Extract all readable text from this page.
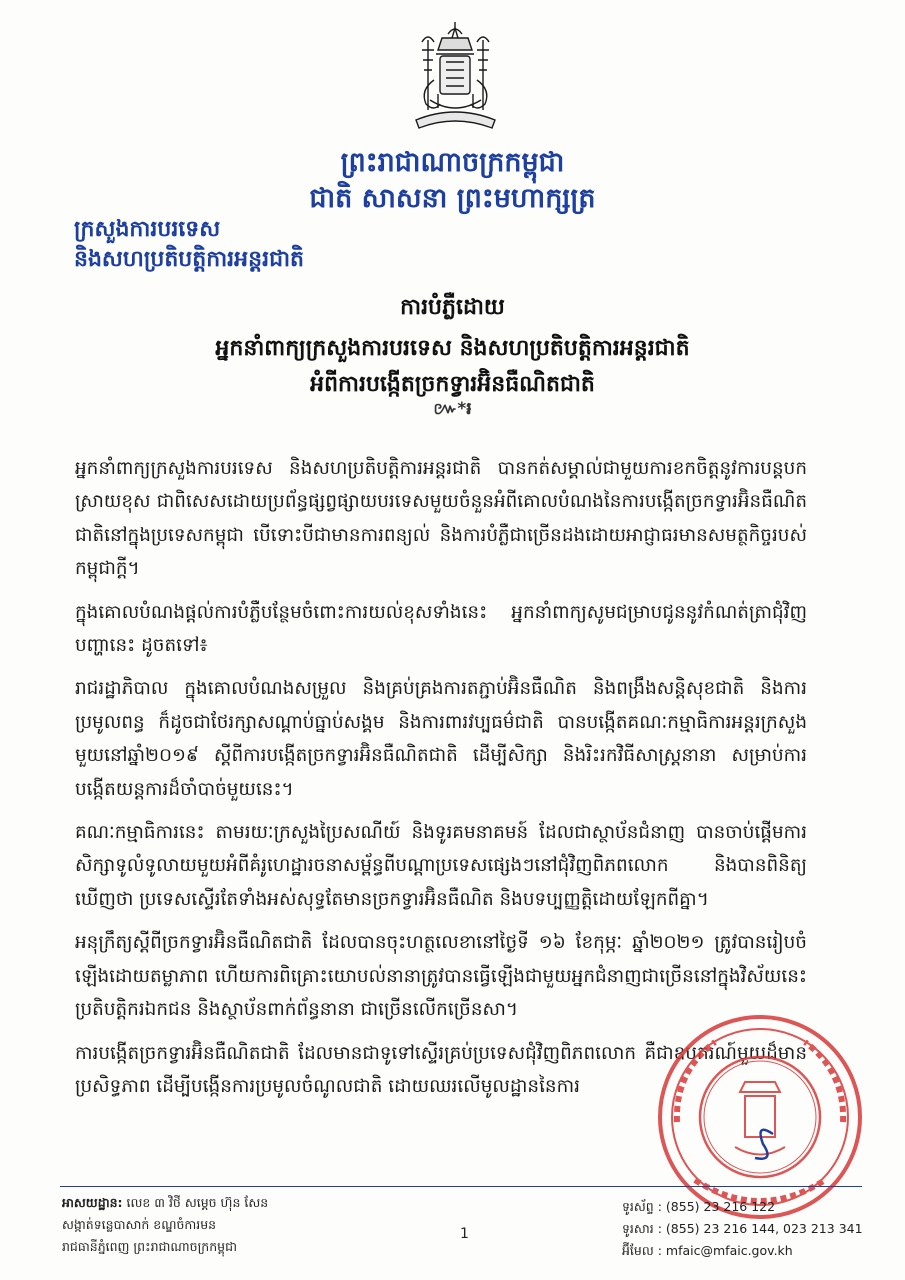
ព្រះរាជាណាចក្រកម្ពុជា
ជាតិ សាសនា ព្រះមហាក្សត្រ
ក្រសួងការបរទេស
និងសហប្រតិបត្តិការអន្តរជាតិ
ការបំភ្លឺដោយ
អ្នកនាំពាក្យក្រសួងការបរទេស និងសហប្រតិបត្តិការអន្តរជាតិ
អំពីការបង្កើតច្រកទ្វារអ៊ិនធឺណិតជាតិ
៚*៛

អ្នកនាំពាក្យក្រសួងការបរទេស និងសហប្រតិបត្តិការអន្តរជាតិ បានកត់សម្គាល់ជាមួយការខកចិត្តនូវការបន្តបកស្រាយខុស ជាពិសេសដោយប្រព័ន្ធផ្សព្វផ្សាយបរទេសមួយចំនួនអំពីគោលបំណងនៃការបង្កើតច្រកទ្វារអ៊ិនធឺណិតជាតិនៅក្នុងប្រទេសកម្ពុជា បើទោះបីជាមានការពន្យល់ និងការបំភ្លឺជាច្រើនដងដោយអាជ្ញាធរមានសមត្ថកិច្ចរបស់កម្ពុជាក្តី។

ក្នុងគោលបំណងផ្តល់ការបំភ្លឺបន្ថែមចំពោះការយល់ខុសទាំងនេះ អ្នកនាំពាក្យសូមជម្រាបជូននូវកំណត់ត្រាជុំវិញបញ្ហានេះ ដូចតទៅ៖

រាជរដ្ឋាភិបាល ក្នុងគោលបំណងសម្រួល និងគ្រប់គ្រងការតភ្ជាប់អ៊ិនធឺណិត និងពង្រឹងសន្តិសុខជាតិ និងការប្រមូលពន្ធ ក៏ដូចជាថែរក្សាសណ្តាប់ធ្នាប់សង្គម និងការពារវប្បធម៌ជាតិ បានបង្កើតគណៈកម្មាធិការអន្តរក្រសួងមួយនៅឆ្នាំ២០១៩ ស្តីពីការបង្កើតច្រកទ្វារអ៊ិនធឺណិតជាតិ ដើម្បីសិក្សា និងរិះរកវិធីសាស្ត្រនានា សម្រាប់ការបង្កើតយន្តការដ៏ចាំបាច់មួយនេះ។

គណៈកម្មាធិការនេះ តាមរយៈក្រសួងប្រៃសណីយ៍ និងទូរគមនាគមន៍ ដែលជាស្ថាប័នជំនាញ បានចាប់ផ្តើមការសិក្សាទូលំទូលាយមួយអំពីគំរូហេដ្ឋារចនាសម្ព័ន្ធពីបណ្តាប្រទេសផ្សេងៗនៅជុំវិញពិភពលោក និងបានពិនិត្យឃើញថា ប្រទេសស្ទើរតែទាំងអស់សុទ្ធតែមានច្រកទ្វារអ៊ិនធឺណិត និងបទប្បញ្ញត្តិដោយឡែកពីគ្នា។

អនុក្រឹត្យស្តីពីច្រកទ្វារអ៊ិនធឺណិតជាតិ ដែលបានចុះហត្ថលេខានៅថ្ងៃទី ១៦ ខែកុម្ភៈ ឆ្នាំ២០២១ ត្រូវបានរៀបចំឡើងដោយតម្លាភាព ហើយការពិគ្រោះយោបល់នានាត្រូវបានធ្វើឡើងជាមួយអ្នកជំនាញជាច្រើននៅក្នុងវិស័យនេះ ប្រតិបត្តិករឯកជន និងស្ថាប័នពាក់ព័ន្ធនានា ជាច្រើនលើកច្រើនសា។

ការបង្កើតច្រកទ្វារអ៊ិនធឺណិតជាតិ ដែលមានជាទូទៅស្ទើរគ្រប់ប្រទេសជុំវិញពិភពលោក គឺជាឧបករណ៍មួយដ៏មានប្រសិទ្ធភាព ដើម្បីបង្កើនការប្រមូលចំណូលជាតិ ដោយឈរលើមូលដ្ឋាននៃការ

អាសយដ្ឋាន: លេខ ៣ វិថី សម្តេច ហ៊ុន សែន
សង្កាត់ទន្លេបាសាក់ ខណ្ឌចំការមន
រាជធានីភ្នំពេញ ព្រះរាជាណាចក្រកម្ពុជា
1
ទូរស័ព្ទ : (855) 23 216 122
ទូរសារ : (855) 23 216 144, 023 213 341
អ៊ីមែល : mfaic@mfaic.gov.kh
